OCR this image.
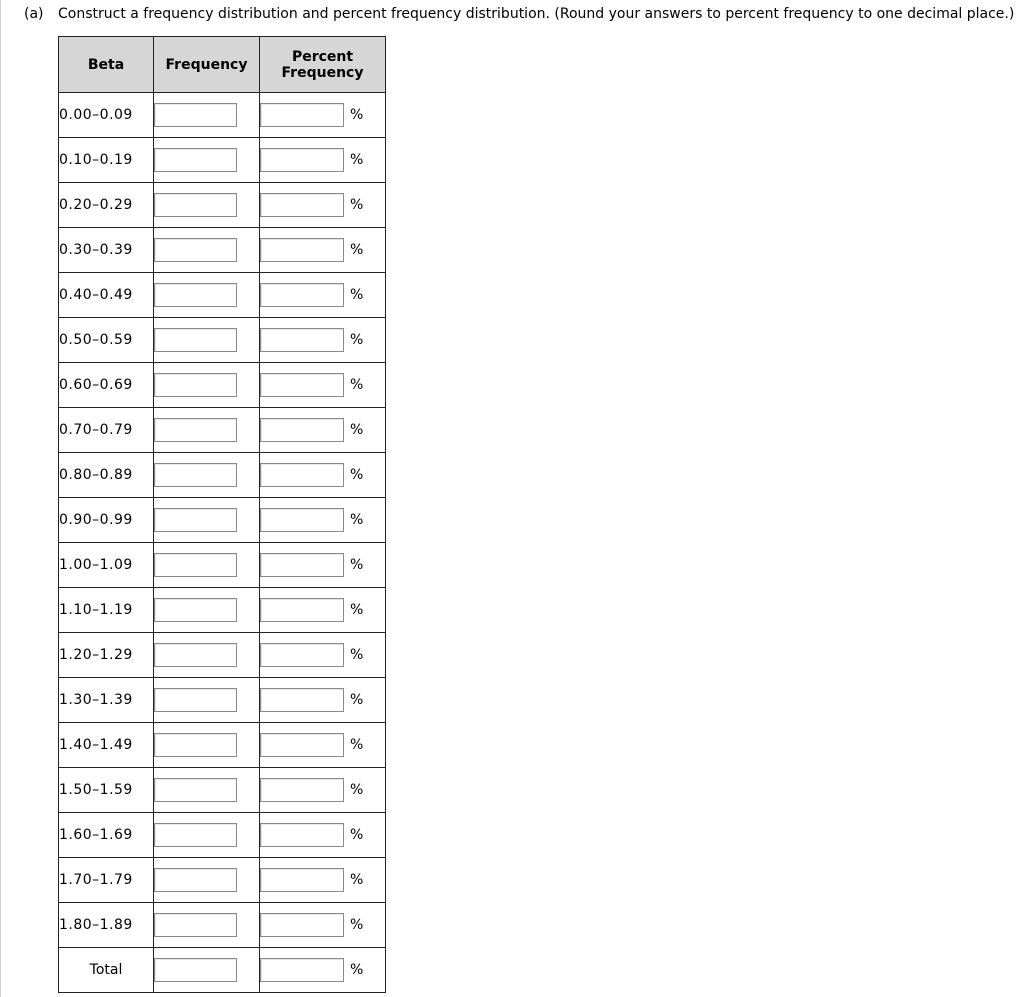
(a) Construct a frequency distribution and percent frequency distribution. (Round your answers to percent frequency to one decimal place.)
Beta	Frequency	Percent
Frequency
0.00–0.09		%
0.10–0.19		%
0.20–0.29		%
0.30–0.39		%
0.40–0.49		%
0.50–0.59		%
0.60–0.69		%
0.70–0.79		%
0.80–0.89		%
0.90–0.99		%
1.00–1.09		%
1.10–1.19		%
1.20–1.29		%
1.30–1.39		%
1.40–1.49		%
1.50–1.59		%
1.60–1.69		%
1.70–1.79		%
1.80–1.89		%
Total		%
